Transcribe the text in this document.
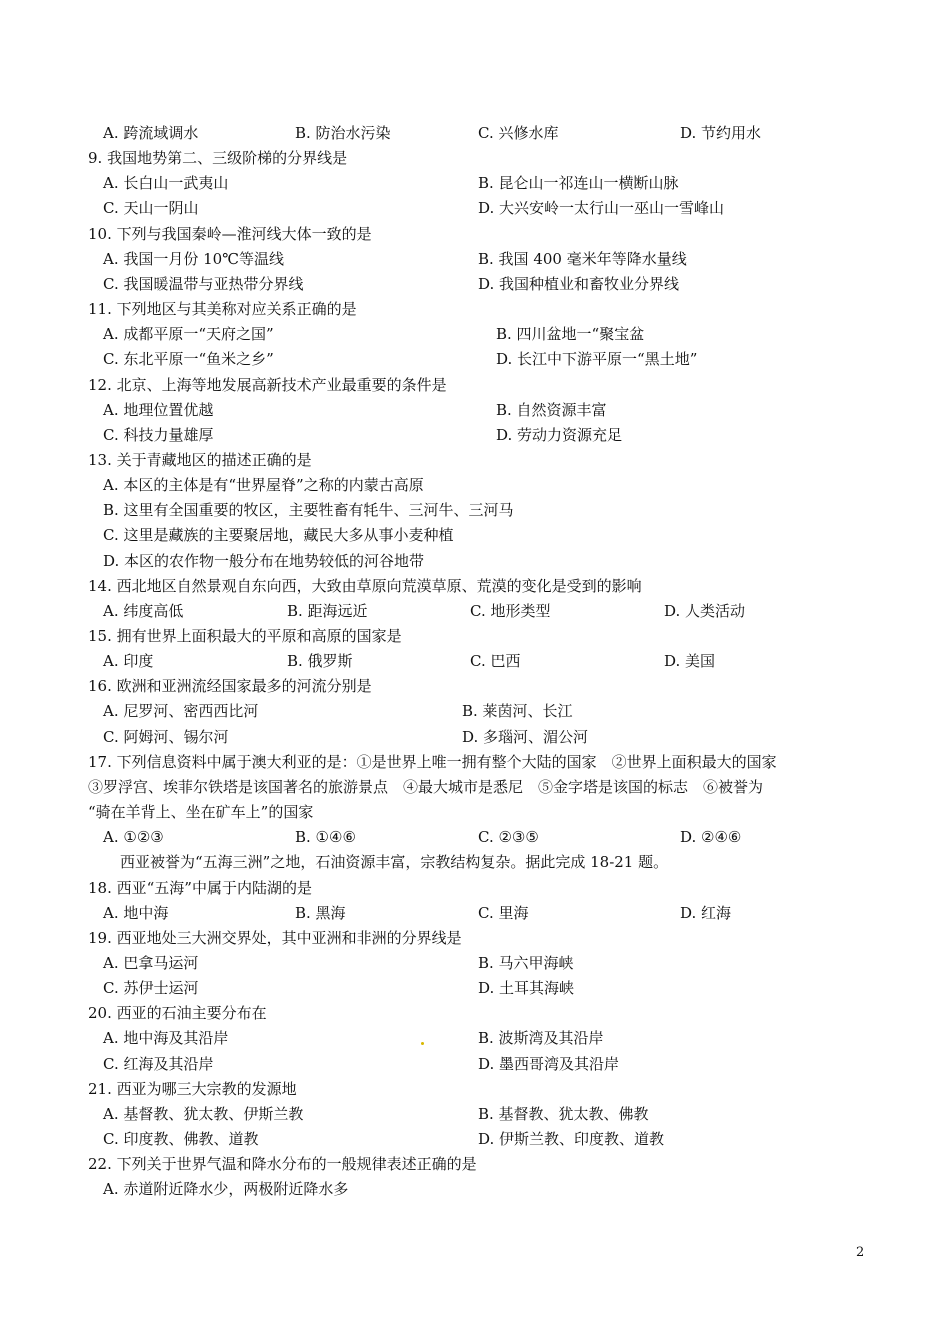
A. 跨流域调水	B. 防治水污染	C. 兴修水库	D. 节约用水
9. 我国地势第二、三级阶梯的分界线是
A. 长白山一武夷山	B. 昆仑山一祁连山一横断山脉
C. 天山一阴山	D. 大兴安岭一太行山一巫山一雪峰山
10. 下列与我国秦岭—淮河线大体一致的是
A. 我国一月份 10℃等温线	B. 我国 400 毫米年等降水量线
C. 我国暖温带与亚热带分界线	D. 我国种植业和畜牧业分界线
11. 下列地区与其美称对应关系正确的是
A. 成都平原一“天府之国”	B. 四川盆地一“聚宝盆
C. 东北平原一“鱼米之乡”	D. 长江中下游平原一“黑土地”
12. 北京、上海等地发展高新技术产业最重要的条件是
A. 地理位置优越	B. 自然资源丰富
C. 科技力量雄厚	D. 劳动力资源充足
13. 关于青藏地区的描述正确的是
A. 本区的主体是有“世界屋脊”之称的内蒙古高原
B. 这里有全国重要的牧区，主要牲畜有牦牛、三河牛、三河马
C. 这里是藏族的主要聚居地，藏民大多从事小麦种植
D. 本区的农作物一般分布在地势较低的河谷地带
14. 西北地区自然景观自东向西，大致由草原向荒漠草原、荒漠的变化是受到的影响
A. 纬度高低	B. 距海远近	C. 地形类型	D. 人类活动
15. 拥有世界上面积最大的平原和高原的国家是
A. 印度	B. 俄罗斯	C. 巴西	D. 美国
16. 欧洲和亚洲流经国家最多的河流分别是
A. 尼罗河、密西西比河	B. 莱茵河、长江
C. 阿姆河、锡尔河	D. 多瑙河、湄公河
17. 下列信息资料中属于澳大利亚的是：①是世界上唯一拥有整个大陆的国家　②世界上面积最大的国家
③罗浮宫、埃菲尔铁塔是该国著名的旅游景点　④最大城市是悉尼　⑤金字塔是该国的标志　⑥被誉为
“骑在羊背上、坐在矿车上”的国家
A. ①②③	B. ①④⑥	C. ②③⑤	D. ②④⑥
西亚被誉为“五海三洲”之地，石油资源丰富，宗教结构复杂。据此完成 18-21 题。
18. 西亚“五海”中属于内陆湖的是
A. 地中海	B. 黑海	C. 里海	D. 红海
19. 西亚地处三大洲交界处，其中亚洲和非洲的分界线是
A. 巴拿马运河	B. 马六甲海峡
C. 苏伊士运河	D. 土耳其海峡
20. 西亚的石油主要分布在
A. 地中海及其沿岸	B. 波斯湾及其沿岸
C. 红海及其沿岸	D. 墨西哥湾及其沿岸
21. 西亚为哪三大宗教的发源地
A. 基督教、犹太教、伊斯兰教	B. 基督教、犹太教、佛教
C. 印度教、佛教、道教	D. 伊斯兰教、印度教、道教
22. 下列关于世界气温和降水分布的一般规律表述正确的是
A. 赤道附近降水少，两极附近降水多
2
